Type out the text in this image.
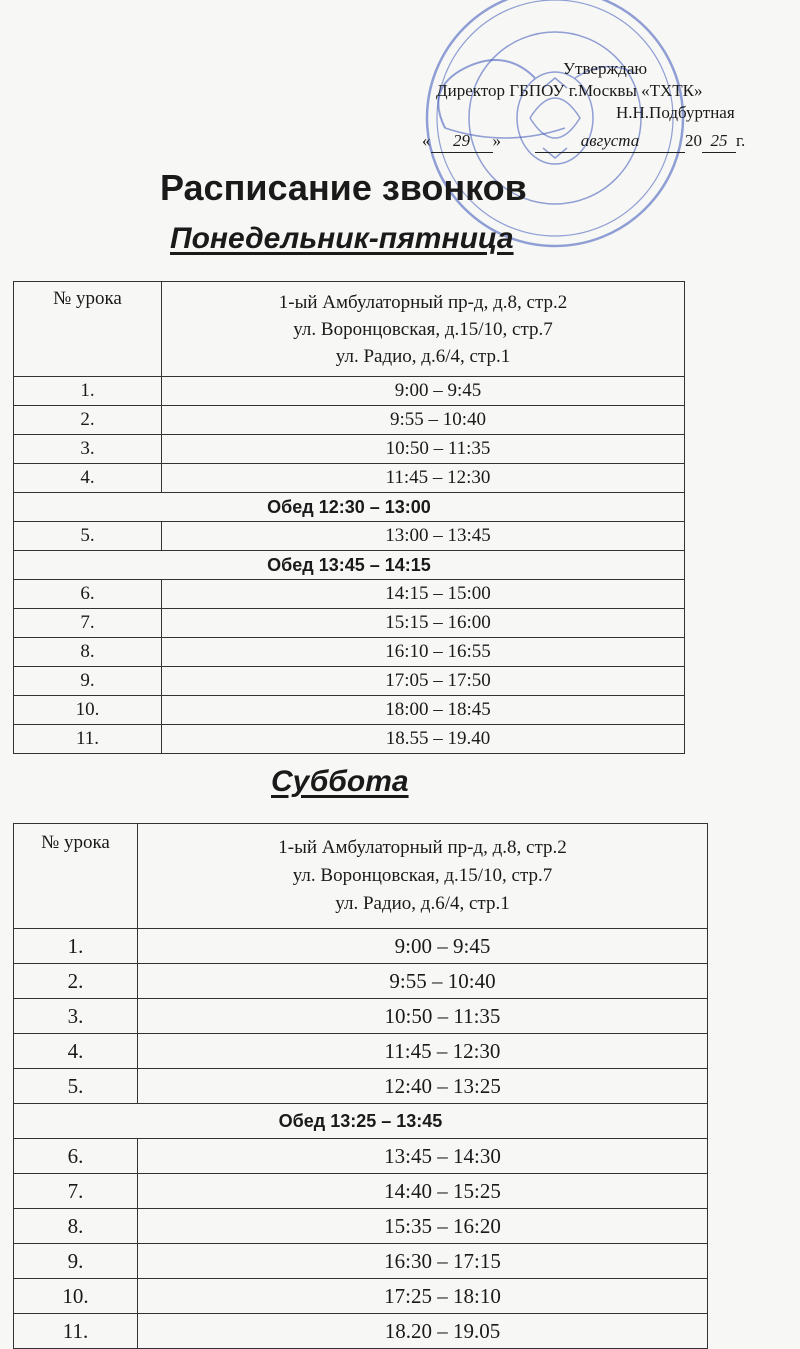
Утверждаю
Директор ГБПОУ г.Москвы «ТХТК»
Н.Н.Подбуртная
« 29 »	августа	20 25 г.
Расписание звонков
Понедельник-пятница
№ урока	1-ый Амбулаторный пр-д, д.8, стр.2
ул. Воронцовская, д.15/10, стр.7
ул. Радио, д.6/4, стр.1

1.	9:00 – 9:45
2.	9:55 – 10:40
3.	10:50 – 11:35
4.	11:45 – 12:30
Обед 12:30 – 13:00	
5.	13:00 – 13:45
Обед 13:45 – 14:15	
6.	14:15 – 15:00
7.	15:15 – 16:00
8.	16:10 – 16:55
9.	17:05 – 17:50
10.	18:00 – 18:45
11.	18.55 – 19.40
Суббота
№ урока	1-ый Амбулаторный пр-д, д.8, стр.2
ул. Воронцовская, д.15/10, стр.7
ул. Радио, д.6/4, стр.1

1.	9:00 – 9:45
2.	9:55 – 10:40
3.	10:50 – 11:35
4.	11:45 – 12:30
5.	12:40 – 13:25
Обед 13:25 – 13:45	
6.	13:45 – 14:30
7.	14:40 – 15:25
8.	15:35 – 16:20
9.	16:30 – 17:15
10.	17:25 – 18:10
11.	18.20 – 19.05
